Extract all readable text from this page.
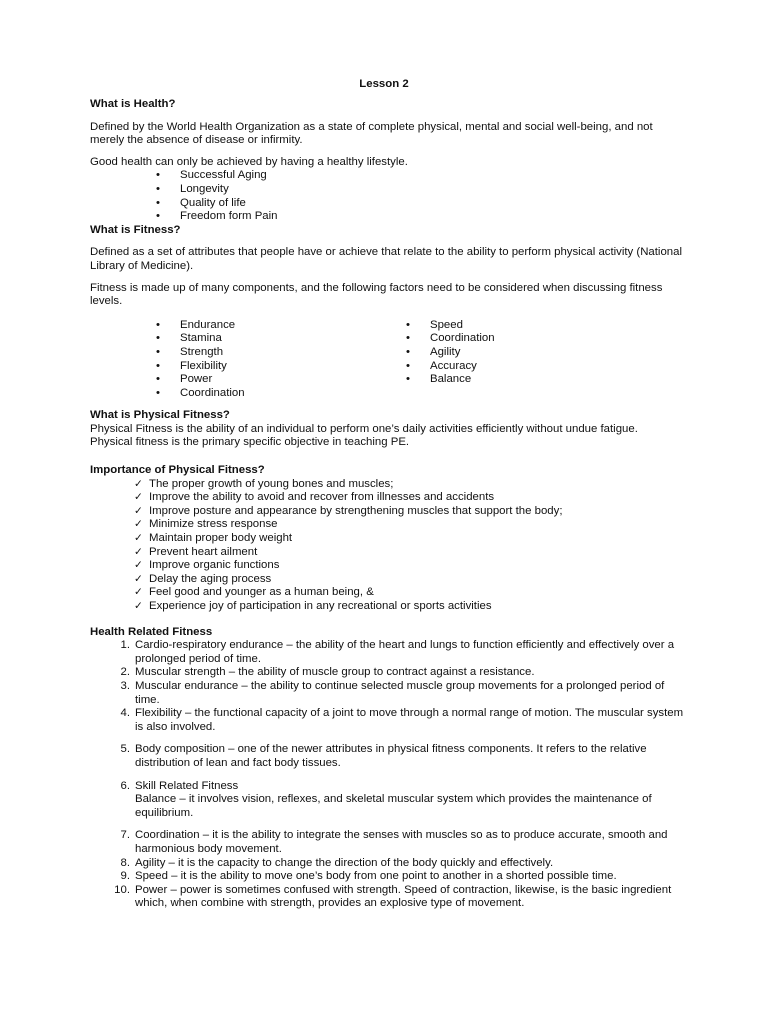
Lesson 2
What is Health?

Defined by the World Health Organization as a state of complete physical, mental and social well-being, and not merely the absence of disease or infirmity.

Good health can only be achieved by having a healthy lifestyle.

• Successful Aging
• Longevity
• Quality of life
• Freedom form Pain
What is Fitness?

Defined as a set of attributes that people have or achieve that relate to the ability to perform physical activity (National Library of Medicine).

Fitness is made up of many components, and the following factors need to be considered when discussing fitness levels.

• Endurance
• Stamina
• Strength
• Flexibility
• Power
• Coordination
• Speed
• Coordination
• Agility
• Accuracy
• Balance
What is Physical Fitness?

Physical Fitness is the ability of an individual to perform one’s daily activities efficiently without undue fatigue.

Physical fitness is the primary specific objective in teaching PE.

Importance of Physical Fitness?
✓ The proper growth of young bones and muscles;
✓ Improve the ability to avoid and recover from illnesses and accidents
✓ Improve posture and appearance by strengthening muscles that support the body;
✓ Minimize stress response
✓ Maintain proper body weight
✓ Prevent heart ailment
✓ Improve organic functions
✓ Delay the aging process
✓ Feel good and younger as a human being, &
✓ Experience joy of participation in any recreational or sports activities
Health Related Fitness
1. Cardio-respiratory endurance – the ability of the heart and lungs to function efficiently and effectively over a prolonged period of time.
2. Muscular strength – the ability of muscle group to contract against a resistance.
3. Muscular endurance – the ability to continue selected muscle group movements for a prolonged period of time.
4. Flexibility – the functional capacity of a joint to move through a normal range of motion. The muscular system is also involved.
5. Body composition – one of the newer attributes in physical fitness components. It refers to the relative distribution of lean and fact body tissues.
6. Skill Related Fitness
Balance – it involves vision, reflexes, and skeletal muscular system which provides the maintenance of equilibrium.
7. Coordination – it is the ability to integrate the senses with muscles so as to produce accurate, smooth and harmonious body movement.
8. Agility – it is the capacity to change the direction of the body quickly and effectively.
9. Speed – it is the ability to move one’s body from one point to another in a shorted possible time.
10. Power – power is sometimes confused with strength. Speed of contraction, likewise, is the basic ingredient which, when combine with strength, provides an explosive type of movement.
